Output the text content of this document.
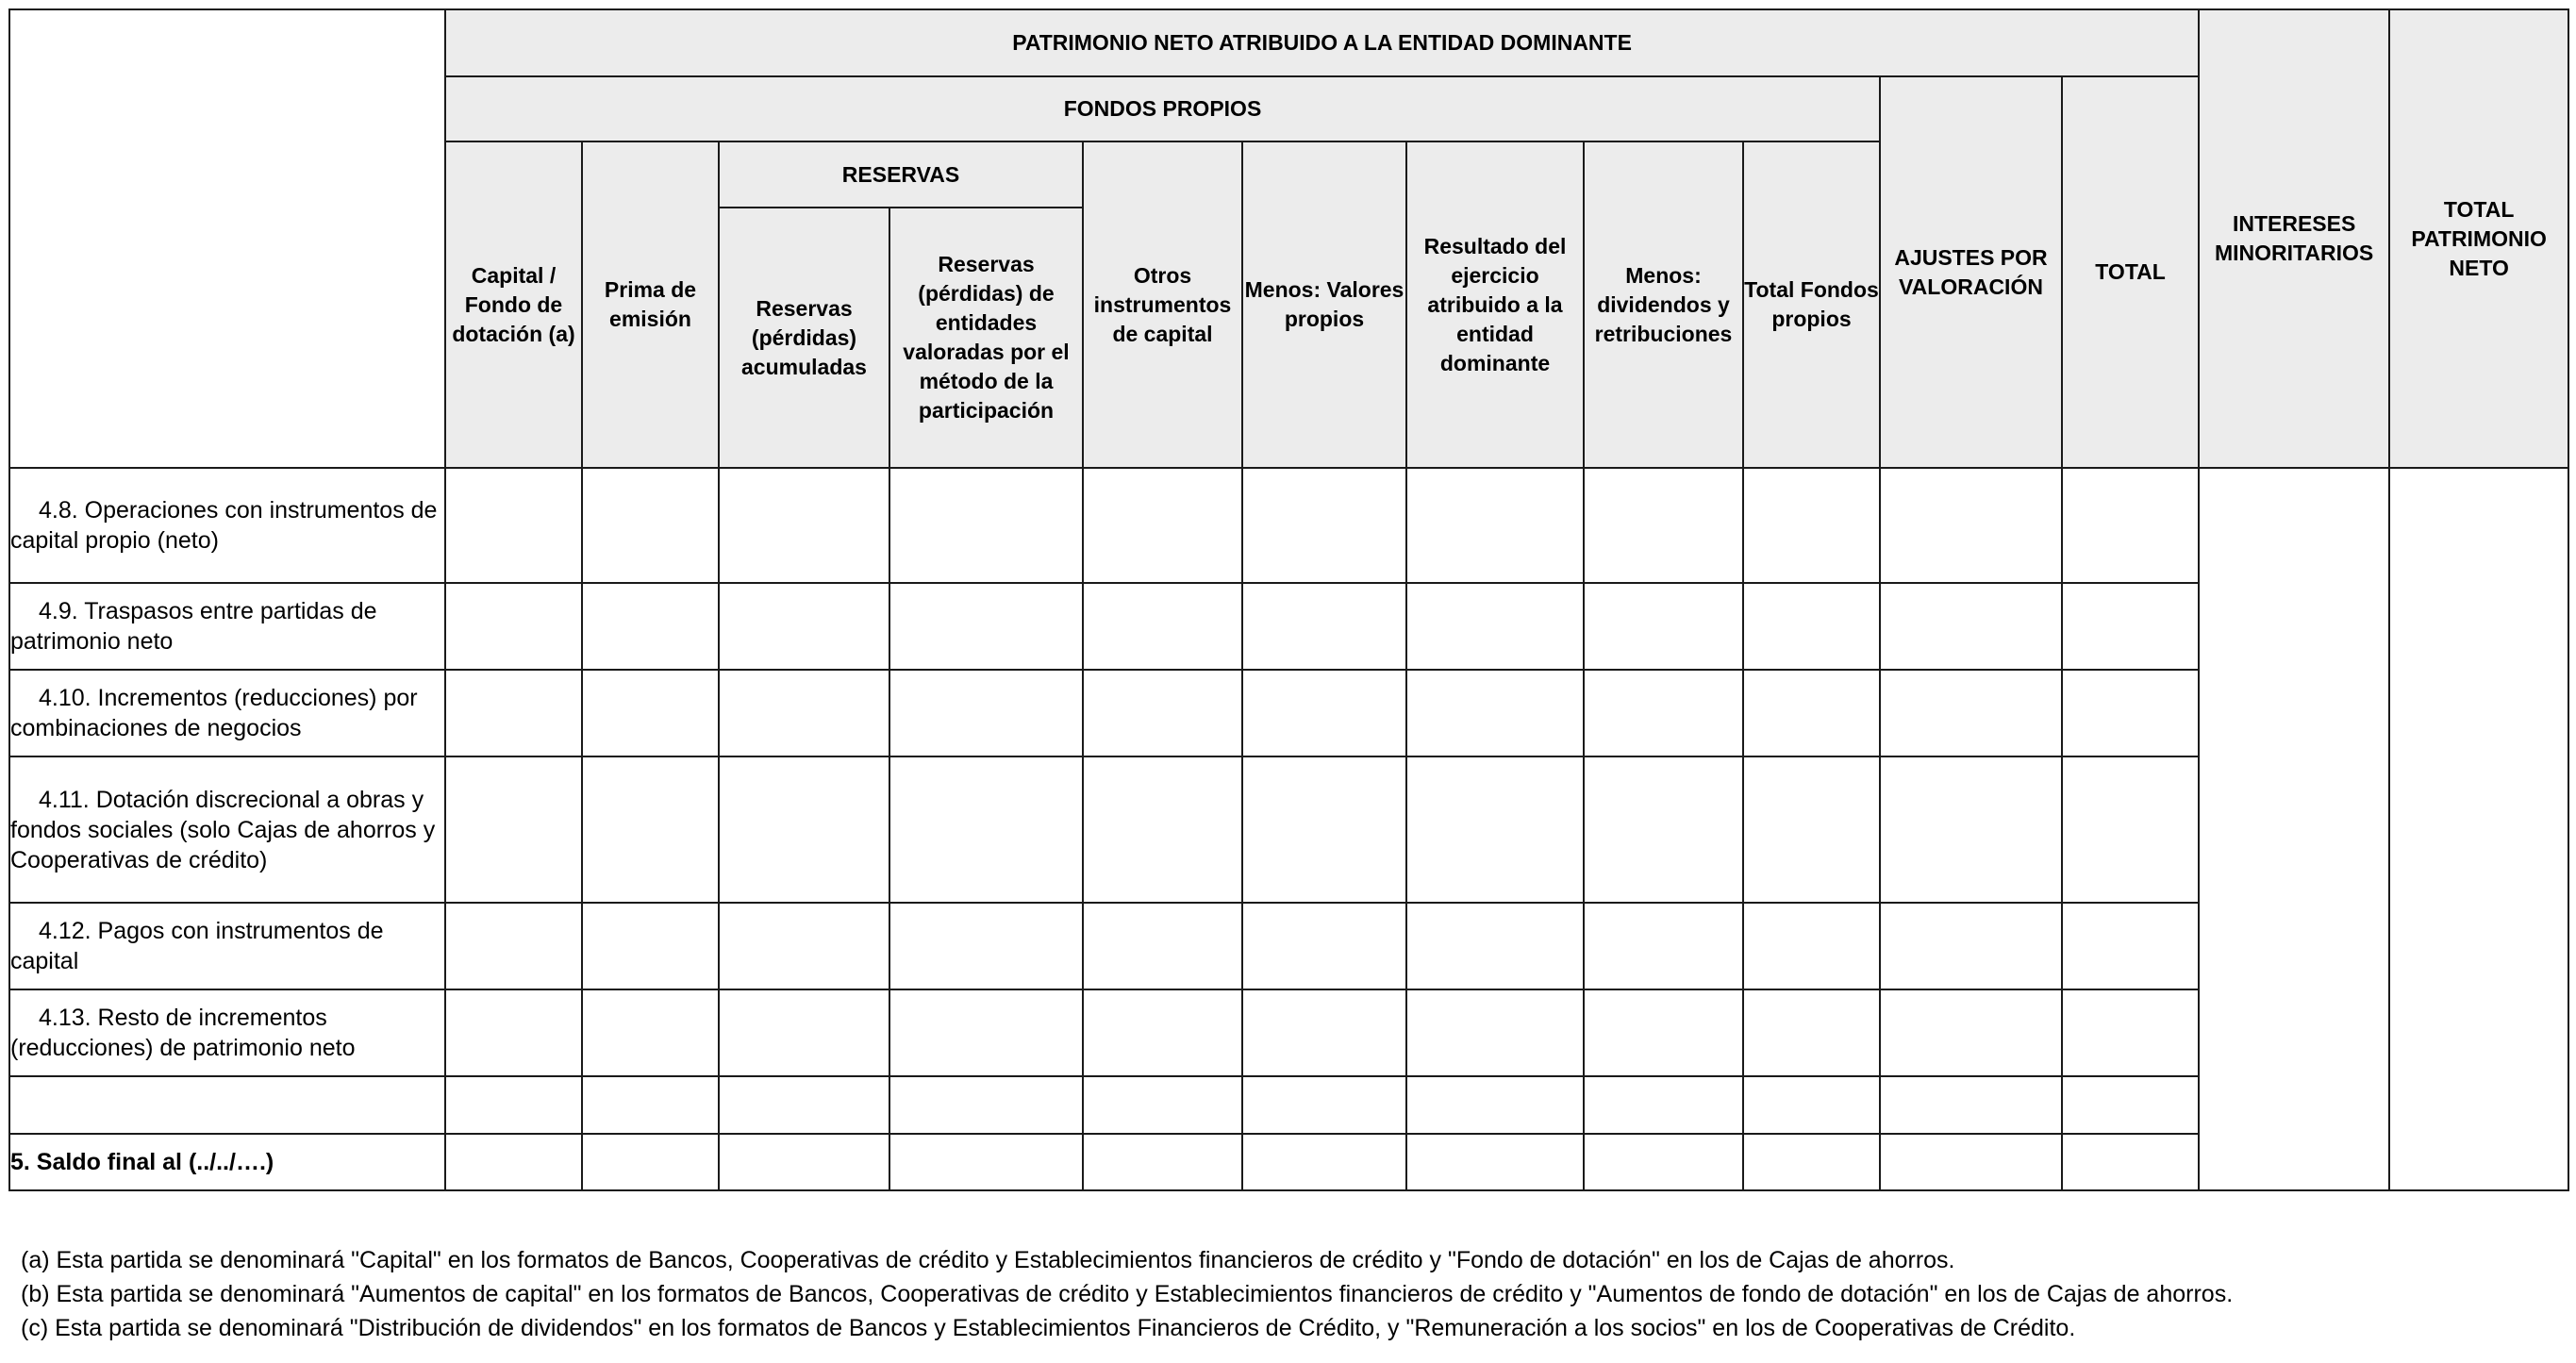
	PATRIMONIO NETO ATRIBUIDO A LA ENTIDAD DOMINANTE											INTERESES MINORITARIOS	TOTAL PATRIMONIO NETO
	FONDOS PROPIOS									AJUSTES POR VALORACIÓN	TOTAL		
	Capital / Fondo de dotación (a)	Prima de emisión	RESERVAS		Otros instrumentos de capital	Menos: Valores propios	Resultado del ejercicio atribuido a la entidad dominante	Menos: dividendos y retribuciones	Total Fondos propios				
			Reservas (pérdidas) acumuladas	Reservas (pérdidas) de entidades valoradas por el método de la participación									

4.8. Operaciones con instrumentos de capital propio (neto)													
4.9. Traspasos entre partidas de patrimonio neto													
4.10. Incrementos (reducciones) por combinaciones de negocios													
4.11. Dotación discrecional a obras y fondos sociales (solo Cajas de ahorros y Cooperativas de crédito)													
4.12. Pagos con instrumentos de capital													
4.13. Resto de incrementos (reducciones) de patrimonio neto													

5. Saldo final al (../../….)													
(a) Esta partida se denominará "Capital" en los formatos de Bancos, Cooperativas de crédito y Establecimientos financieros de crédito y "Fondo de dotación" en los de Cajas de ahorros.
(b) Esta partida se denominará "Aumentos de capital" en los formatos de Bancos, Cooperativas de crédito y Establecimientos financieros de crédito y "Aumentos de fondo de dotación" en los de Cajas de ahorros.
(c) Esta partida se denominará "Distribución de dividendos" en los formatos de Bancos y Establecimientos Financieros de Crédito, y "Remuneración a los socios" en los de Cooperativas de Crédito.
